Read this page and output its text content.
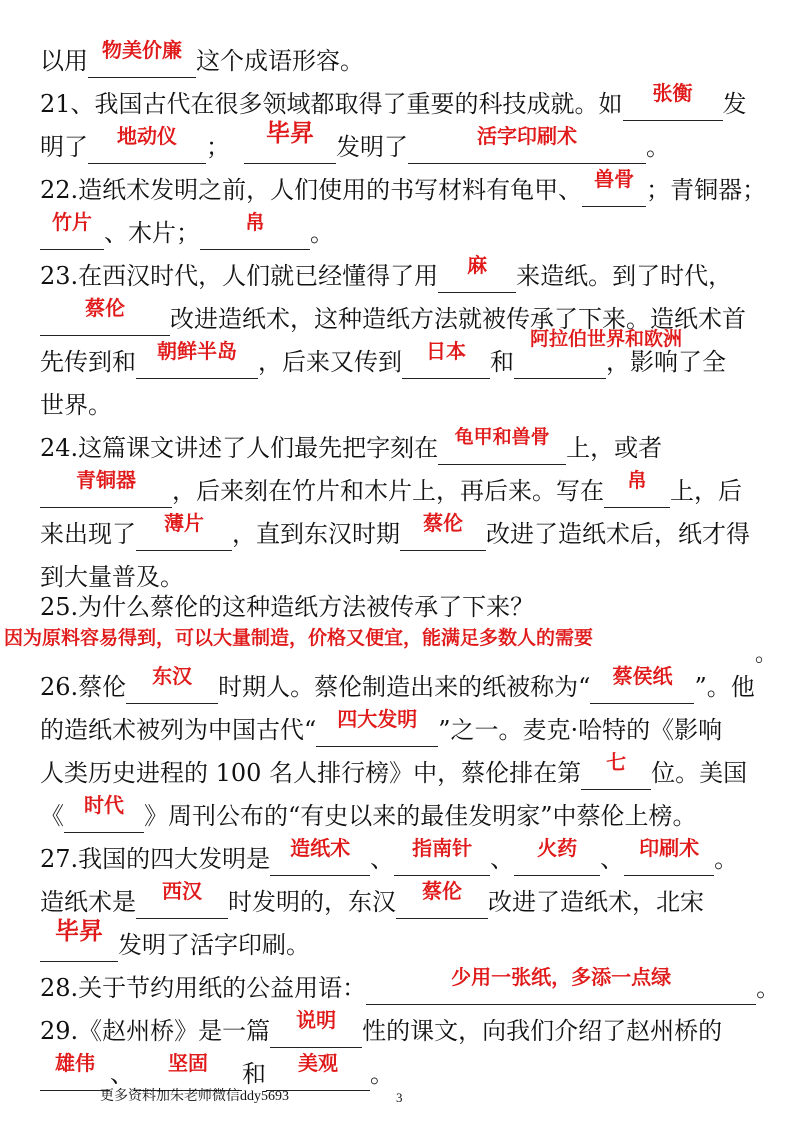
以用 物美价廉 这个成语形容。
21、我国古代在很多领域都取得了重要的科技成就。如	张衡	发
明了	地动仪	；	毕昇 发明了	活字印刷术	。
22.造纸术发明之前，人们使用的书写材料有龟甲、 兽骨 ；青铜器；
竹片 、木片；	帛	。
23.在西汉时代，人们就已经懂得了用	麻	来造纸。到了时代，
蔡伦	改进造纸术，这种造纸方法就被传承了下来。造纸术首
阿拉伯世界和欧洲
先传到和	朝鲜半岛 ，后来又传到	日本	和	，影响了全
世界。
24.这篇课文讲述了人们最先把字刻在 龟甲和兽骨 上，或者
青铜器	，后来刻在竹片和木片上，再后来。写在	帛 上，后
来出现了	薄片	，直到东汉时期	蔡伦 改进了造纸术后，纸才得
到大量普及。
25.为什么蔡伦的这种造纸方法被传承了下来？
因为原料容易得到，可以大量制造，价格又便宜，能满足多数人的需要
。
26.蔡伦	东汉	时期人。蔡伦制造出来的纸被称为“	蔡侯纸 ”。他
的造纸术被列为中国古代“	四大发明 ”之一。麦克·哈特的《影响
人类历史进程的 100 名人排行榜》中，蔡伦排在第	七	位。美国
《	时代 》周刊公布的“有史以来的最佳发明家”中蔡伦上榜。
27.我国的四大发明是	造纸术 、 指南针 、	火药 、 印刷术 。
造纸术是	西汉	时发明的，东汉	蔡伦	改进了造纸术，北宋
毕昇 发明了活字印刷。
28.关于节约用纸的公益用语：	少用一张纸，多添一点绿	。
29.《赵州桥》是一篇	说明	性的课文，向我们介绍了赵州桥的
雄伟 、	坚固	和	美观	。
更多资料加朱老师微信ddy5693	3
